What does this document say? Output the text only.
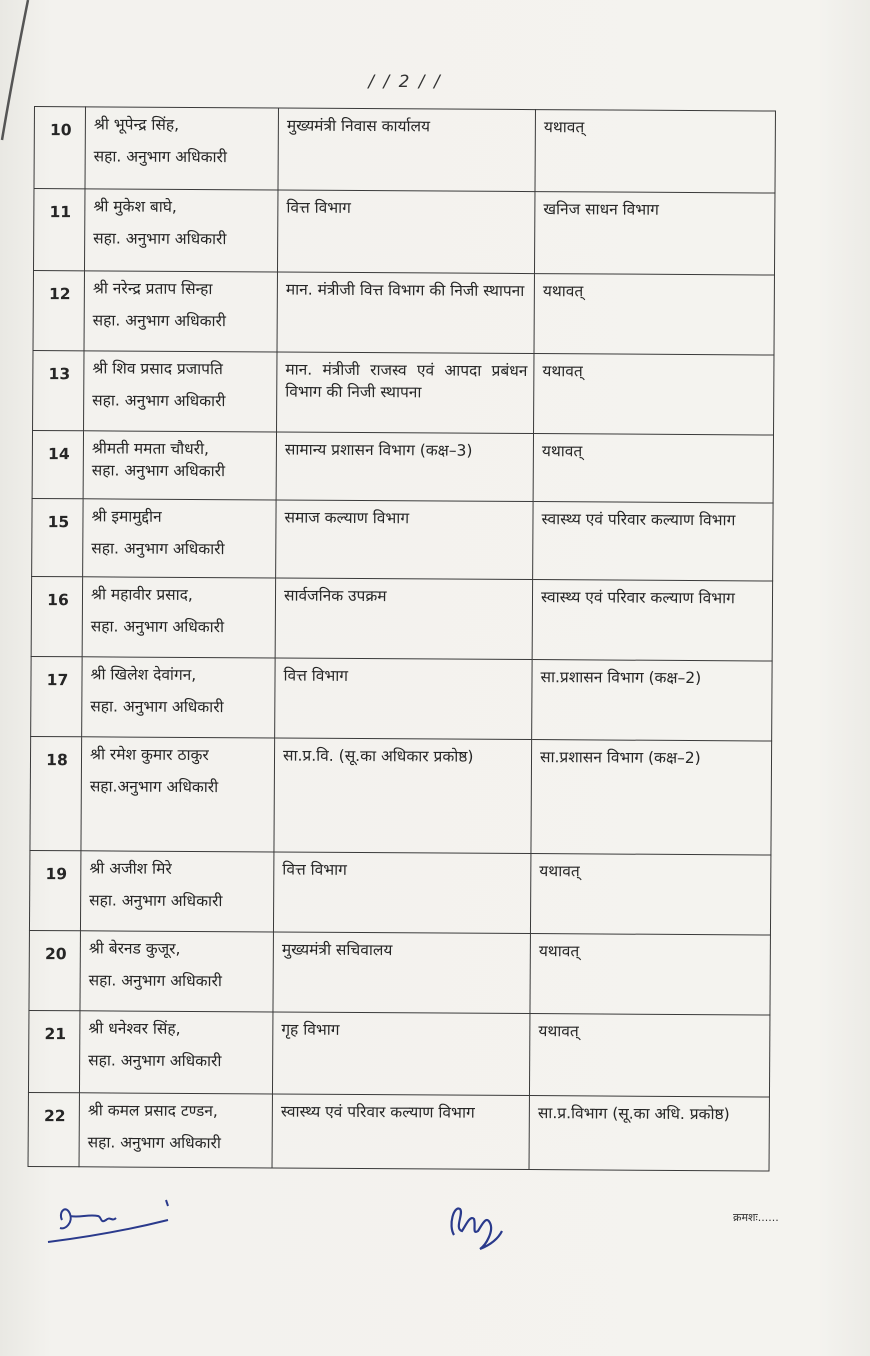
/ / 2 / /
10	श्री भूपेन्द्र सिंह,
सहा. अनुभाग अधिकारी	मुख्यमंत्री निवास कार्यालय	यथावत्
11	श्री मुकेश बाघे,
सहा. अनुभाग अधिकारी	वित्त विभाग	खनिज साधन विभाग
12	श्री नरेन्द्र प्रताप सिन्हा
सहा. अनुभाग अधिकारी	मान. मंत्रीजी वित्त विभाग की निजी स्थापना	यथावत्
13	श्री शिव प्रसाद प्रजापति
सहा. अनुभाग अधिकारी	मान. मंत्रीजी राजस्व एवं आपदा प्रबंधन विभाग की निजी स्थापना	यथावत्
14	श्रीमती ममता चौधरी,
सहा. अनुभाग अधिकारी	सामान्य प्रशासन विभाग (कक्ष–3)	यथावत्
15	श्री इमामुद्दीन
सहा. अनुभाग अधिकारी	समाज कल्याण विभाग	स्वास्थ्य एवं परिवार कल्याण विभाग
16	श्री महावीर प्रसाद,
सहा. अनुभाग अधिकारी	सार्वजनिक उपक्रम	स्वास्थ्य एवं परिवार कल्याण विभाग
17	श्री खिलेश देवांगन,
सहा. अनुभाग अधिकारी	वित्त विभाग	सा.प्रशासन विभाग (कक्ष–2)
18	श्री रमेश कुमार ठाकुर
सहा.अनुभाग अधिकारी	सा.प्र.वि. (सू.का अधिकार प्रकोष्ठ)	सा.प्रशासन विभाग (कक्ष–2)
19	श्री अजीश मिरे
सहा. अनुभाग अधिकारी	वित्त विभाग	यथावत्
20	श्री बेरनड कुजूर,
सहा. अनुभाग अधिकारी	मुख्यमंत्री सचिवालय	यथावत्
21	श्री धनेश्वर सिंह,
सहा. अनुभाग अधिकारी	गृह विभाग	यथावत्
22	श्री कमल प्रसाद टण्डन,
सहा. अनुभाग अधिकारी	स्वास्थ्य एवं परिवार कल्याण विभाग	सा.प्र.विभाग (सू.का अधि. प्रकोष्ठ)
क्रमशः......
